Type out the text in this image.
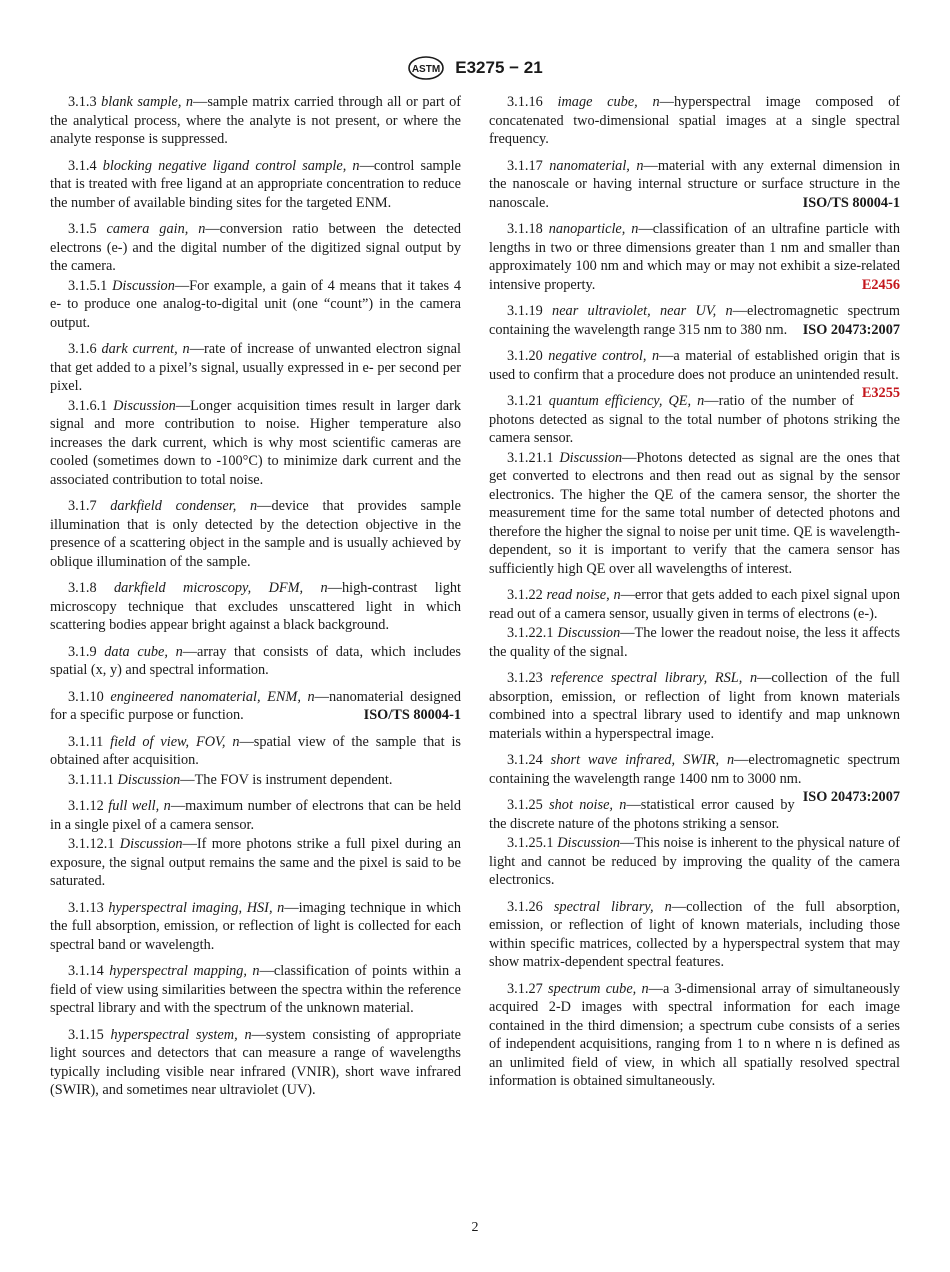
ASTM E3275 − 21

3.1.3 blank sample, n—sample matrix carried through all or part of the analytical process, where the analyte is not present, or where the analyte response is suppressed.

3.1.4 blocking negative ligand control sample, n—control sample that is treated with free ligand at an appropriate concentration to reduce the number of available binding sites for the targeted ENM.

3.1.5 camera gain, n—conversion ratio between the detected electrons (e-) and the digital number of the digitized signal output by the camera.

3.1.5.1 Discussion—For example, a gain of 4 means that it takes 4 e- to produce one analog-to-digital unit (one “count”) in the camera output.

3.1.6 dark current, n—rate of increase of unwanted electron signal that get added to a pixel’s signal, usually expressed in e- per second per pixel.

3.1.6.1 Discussion—Longer acquisition times result in larger dark signal and more contribution to noise. Higher temperature also increases the dark current, which is why most scientific cameras are cooled (sometimes down to -100°C) to minimize dark current and the associated contribution to total noise.

3.1.7 darkfield condenser, n—device that provides sample illumination that is only detected by the detection objective in the presence of a scattering object in the sample and is usually achieved by oblique illumination of the sample.

3.1.8 darkfield microscopy, DFM, n—high-contrast light microscopy technique that excludes unscattered light in which scattering bodies appear bright against a black background.

3.1.9 data cube, n—array that consists of data, which includes spatial (x, y) and spectral information.

3.1.10 engineered nanomaterial, ENM, n—nanomaterial designed for a specific purpose or function.	ISO/TS 80004-1

3.1.11 field of view, FOV, n—spatial view of the sample that is obtained after acquisition.

3.1.11.1 Discussion—The FOV is instrument dependent.

3.1.12 full well, n—maximum number of electrons that can be held in a single pixel of a camera sensor.

3.1.12.1 Discussion—If more photons strike a full pixel during an exposure, the signal output remains the same and the pixel is said to be saturated.

3.1.13 hyperspectral imaging, HSI, n—imaging technique in which the full absorption, emission, or reflection of light is collected for each spectral band or wavelength.

3.1.14 hyperspectral mapping, n—classification of points within a field of view using similarities between the spectra within the reference spectral library and with the spectrum of the unknown material.

3.1.15 hyperspectral system, n—system consisting of appropriate light sources and detectors that can measure a range of wavelengths typically including visible near infrared (VNIR), short wave infrared (SWIR), and sometimes near ultraviolet (UV).

3.1.16 image cube, n—hyperspectral image composed of concatenated two-dimensional spatial images at a single spectral frequency.

3.1.17 nanomaterial, n—material with any external dimension in the nanoscale or having internal structure or surface structure in the nanoscale.	ISO/TS 80004-1

3.1.18 nanoparticle, n—classification of an ultrafine particle with lengths in two or three dimensions greater than 1 nm and smaller than approximately 100 nm and which may or may not exhibit a size-related intensive property.	E2456

3.1.19 near ultraviolet, near UV, n—electromagnetic spectrum containing the wavelength range 315 nm to 380 nm.	ISO 20473:2007

3.1.20 negative control, n—a material of established origin that is used to confirm that a procedure does not produce an unintended result.
E3255

3.1.21 quantum efficiency, QE, n—ratio of the number of photons detected as signal to the total number of photons striking the camera sensor.

3.1.21.1 Discussion—Photons detected as signal are the ones that get converted to electrons and then read out as signal by the sensor electronics. The higher the QE of the camera sensor, the shorter the measurement time for the same total number of detected photons and therefore the higher the signal to noise per unit time. QE is wavelength-dependent, so it is important to verify that the camera sensor has sufficiently high QE over all wavelengths of interest.

3.1.22 read noise, n—error that gets added to each pixel signal upon read out of a camera sensor, usually given in terms of electrons (e-).

3.1.22.1 Discussion—The lower the readout noise, the less it affects the quality of the signal.

3.1.23 reference spectral library, RSL, n—collection of the full absorption, emission, or reflection of light from known materials combined into a spectral library used to identify and map unknown materials within a hyperspectral image.

3.1.24 short wave infrared, SWIR, n—electromagnetic spectrum containing the wavelength range 1400 nm to 3000 nm.
ISO 20473:2007

3.1.25 shot noise, n—statistical error caused by the discrete nature of the photons striking a sensor.

3.1.25.1 Discussion—This noise is inherent to the physical nature of light and cannot be reduced by improving the quality of the camera electronics.

3.1.26 spectral library, n—collection of the full absorption, emission, or reflection of light of known materials, including those within specific matrices, collected by a hyperspectral system that may show matrix-dependent spectral features.

3.1.27 spectrum cube, n—a 3-dimensional array of simultaneously acquired 2-D images with spectral information for each image contained in the third dimension; a spectrum cube consists of a series of independent acquisitions, ranging from 1 to n where n is defined as an unlimited field of view, in which all spatially resolved spectral information is obtained simultaneously.

2
